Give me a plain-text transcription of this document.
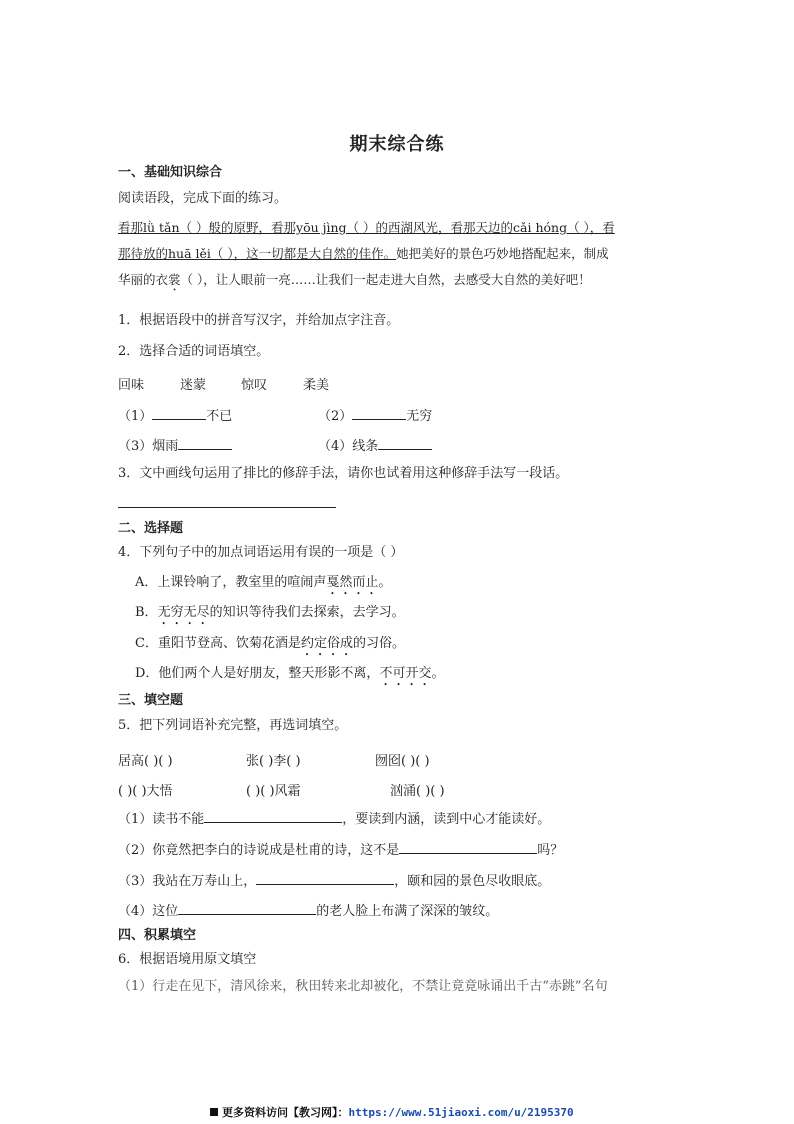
期末综合练
一、基础知识综合
阅读语段，完成下面的练习。
看那lǜ tǎn（ ）般的原野，看那yōu jìng（ ）的西湖风光，看那天边的cǎi hóng（ ），看
那待放的huā lěi（ ），这一切都是大自然的佳作。她把美好的景色巧妙地搭配起来，制成
华丽的衣裳（ ），让人眼前一亮……让我们一起走进大自然，去感受大自然的美好吧！
1．根据语段中的拼音写汉字，并给加点字注音。
2．选择合适的词语填空。
回味	迷蒙	惊叹	柔美
（1）	不已	（2）	无穷
（3）烟雨	（4）线条
3．文中画线句运用了排比的修辞手法，请你也试着用这种修辞手法写一段话。
二、选择题
4．下列句子中的加点词语运用有误的一项是（ ）
A．上课铃响了，教室里的喧闹声戛然而止。
B．无穷无尽的知识等待我们去探索，去学习。
C．重阳节登高、饮菊花酒是约定俗成的习俗。
D．他们两个人是好朋友，整天形影不离，不可开交。
三、填空题
5．把下列词语补充完整，再选词填空。
居高( )( )	张( )李( )	囫囵( )( )
( )( )大悟	( )( )风霜	汹涌( )( )
（1）读书不能	，要读到内涵，读到中心才能读好。
（2）你竟然把李白的诗说成是杜甫的诗，这不是	吗？
（3）我站在万寿山上，	，颐和园的景色尽收眼底。
（4）这位	的老人脸上布满了深深的皱纹。
四、积累填空
6．根据语境用原文填空
（1）行走在见下，清风徐来，秋田转来北却被化，不禁让竟竟咏诵出千古“赤跳”名句
更多资料访问【教习网】：https://www.51jiaoxi.com/u/2195370
